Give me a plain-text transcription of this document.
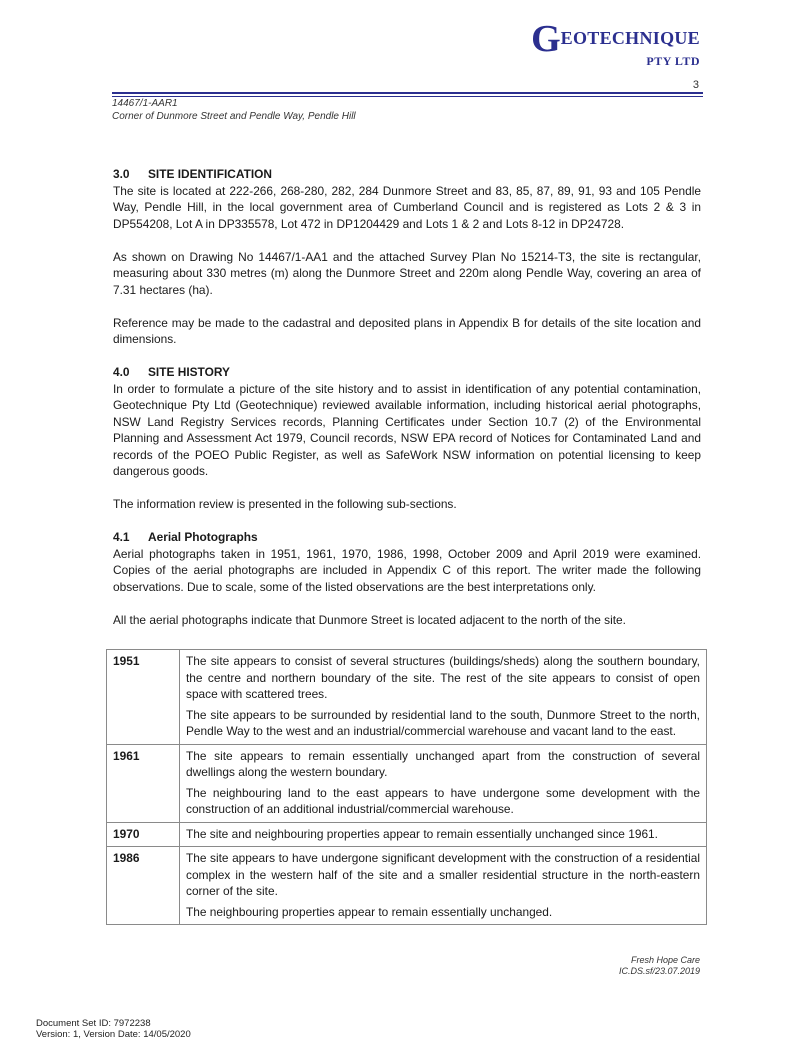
GEOTECHNIQUE
PTY LTD
3
14467/1-AAR1
Corner of Dunmore Street and Pendle Way, Pendle Hill
3.0 SITE IDENTIFICATION

The site is located at 222-266, 268-280, 282, 284 Dunmore Street and 83, 85, 87, 89, 91, 93 and 105 Pendle Way, Pendle Hill, in the local government area of Cumberland Council and is registered as Lots 2 & 3 in DP554208, Lot A in DP335578, Lot 472 in DP1204429 and Lots 1 & 2 and Lots 8-12 in DP24728.

As shown on Drawing No 14467/1-AA1 and the attached Survey Plan No 15214-T3, the site is rectangular, measuring about 330 metres (m) along the Dunmore Street and 220m along Pendle Way, covering an area of 7.31 hectares (ha).

Reference may be made to the cadastral and deposited plans in Appendix B for details of the site location and dimensions.

4.0 SITE HISTORY

In order to formulate a picture of the site history and to assist in identification of any potential contamination, Geotechnique Pty Ltd (Geotechnique) reviewed available information, including historical aerial photographs, NSW Land Registry Services records, Planning Certificates under Section 10.7 (2) of the Environmental Planning and Assessment Act 1979, Council records, NSW EPA record of Notices for Contaminated Land and records of the POEO Public Register, as well as SafeWork NSW information on potential licensing to keep dangerous goods.

The information review is presented in the following sub-sections.

4.1 Aerial Photographs

Aerial photographs taken in 1951, 1961, 1970, 1986, 1998, October 2009 and April 2019 were examined. Copies of the aerial photographs are included in Appendix C of this report. The writer made the following observations. Due to scale, some of the listed observations are the best interpretations only.

All the aerial photographs indicate that Dunmore Street is located adjacent to the north of the site.

1951	The site appears to consist of several structures (buildings/sheds) along the southern boundary, the centre and northern boundary of the site. The rest of the site appears to consist of open space with scattered trees.

The site appears to be surrounded by residential land to the south, Dunmore Street to the north, Pendle Way to the west and an industrial/commercial warehouse and vacant land to the east.

1961	The site appears to remain essentially unchanged apart from the construction of several dwellings along the western boundary.

The neighbouring land to the east appears to have undergone some development with the construction of an additional industrial/commercial warehouse.

1970	The site and neighbouring properties appear to remain essentially unchanged since 1961.

1986	The site appears to have undergone significant development with the construction of a residential complex in the western half of the site and a smaller residential structure in the north-eastern corner of the site.

The neighbouring properties appear to remain essentially unchanged.

Fresh Hope Care
IC.DS.sf/23.07.2019
Document Set ID: 7972238
Version: 1, Version Date: 14/05/2020
